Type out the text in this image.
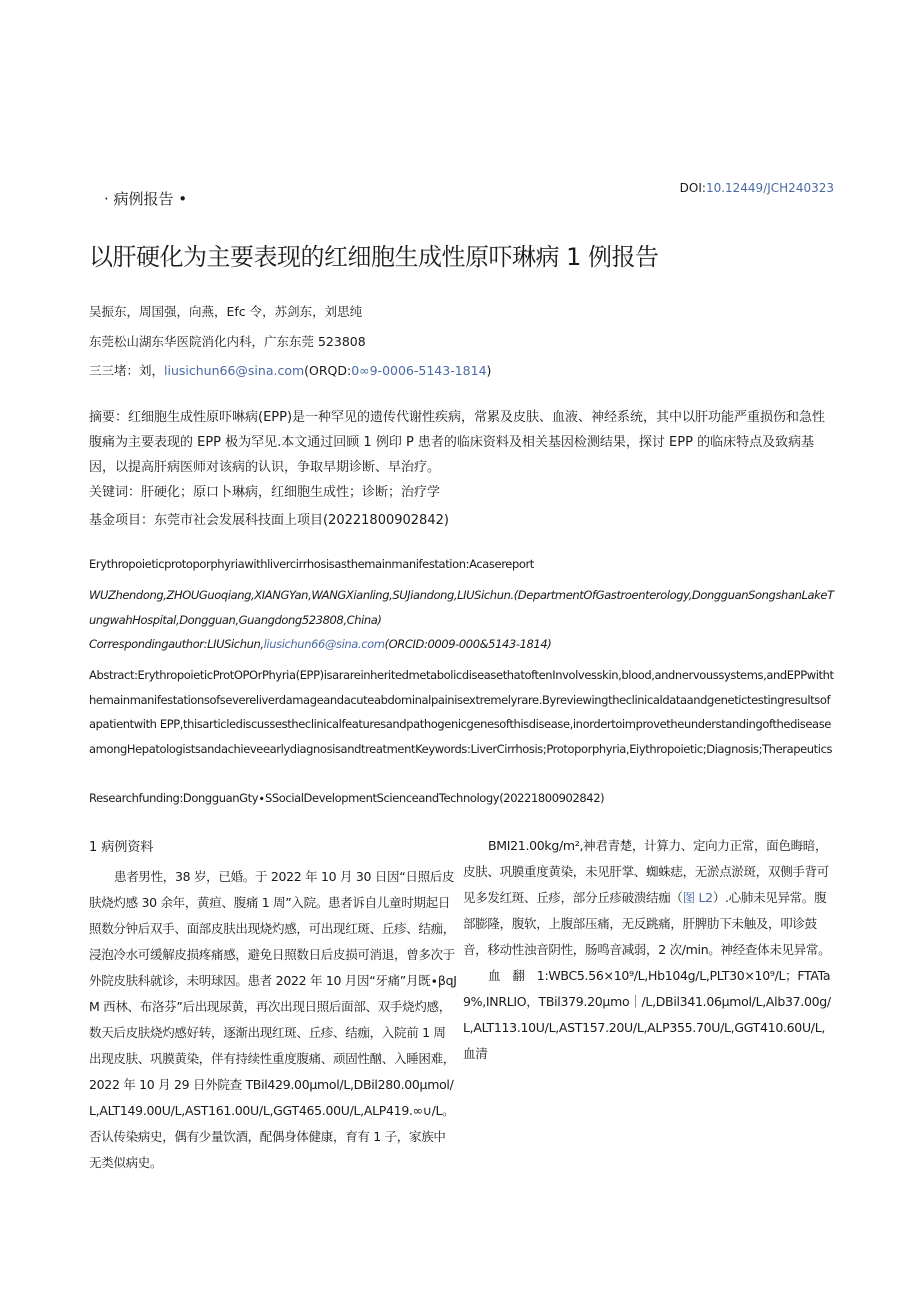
· 病例报告 •
DOI:10.12449/JCH240323
以肝硬化为主要表现的红细胞生成性原吓琳病 1 例报告
吴振东，周国强，向燕，Efc 令，苏剑东，刘思纯
东莞松山湖东华医院消化内科，广东东莞 523808
三三堵：刘，liusichun66@sina.com(ORQD:0∞9-0006-5143-1814)
摘要：红细胞生成性原吓啉病(EPP)是一种罕见的遗传代谢性疾病，常累及皮肤、血液、神经系统，其中以肝功能严重损伤和急性腹痛为主要表现的 EPP 极为罕见.本文通过回顾 1 例印 P 患者的临床资料及相关基因检测结果，探讨 EPP 的临床特点及致病基因，以提高肝病医师对该病的认识，争取早期诊断、早治疗。
关键词：肝硬化；原口卜琳病，红细胞生成性；诊断；治疗学
基金项目：东莞市社会发展科技面上项目(20221800902842)
Erythropoieticprotoporphyriawithlivercirrhosisasthemainmanifestation:Acasereport
WUZhendong,ZHOUGuoqiang,XIANGYan,WANGXianling,SUJiandong,LIUSichun.(DepartmentOfGastroenterology,DongguanSongshanLakeTungwahHospital,Dongguan,Guangdong523808,China)
Correspondingauthor:LIUSichun,liusichun66@sina.com(ORCID:0009-000&5143-1814)
Abstract:ErythropoieticProtOPOrPhyria(EPP)isarareinheritedmetabolicdiseasethatoftenInvolvesskin,blood,andnervoussystems,andEPPwiththemainmanifestationsofsevereliverdamageandacuteabdominalpainisextremelyrare.Byreviewingtheclinicaldataandgenetictestingresultsofapatientwith EPP,thisarticlediscussestheclinicalfeaturesandpathogenicgenesofthisdisease,inordertoimprovetheunderstandingofthediseaseamongHepatologistsandachieveearlydiagnosisandtreatmentKeywords:LiverCirrhosis;Protoporphyria,Eiythropoietic;Diagnosis;Therapeutics
Researchfunding:DongguanGty∙SSocialDevelopmentScienceandTechnology(20221800902842)
1 病例资料
患者男性，38 岁，已婚。于 2022 年 10 月 30 日因“日照后皮肤烧灼感 30 余年，黄疸、腹痛 1 周”入院。患者诉自儿童时期起日照数分钟后双手、面部皮肤出现烧灼感，可出现红斑、丘疹、结痂，浸泡冷水可缓解皮损疼痛感，避免日照数日后皮损可消退，曾多次于外院皮肤科就诊，未明球因。患者 2022 年 10 月因“牙痛”月既∙βqJM 西林、布洛芬”后出现尿黄，再次出现日照后面部、双手烧灼感，数天后皮肤烧灼感好转，逐渐出现红斑、丘疹、结痂，入院前 1 周出现皮肤、巩膜黄染，伴有持续性重度腹痛、顽固性酗、入睡困难，2022 年 10 月 29 日外院查 TBil429.00μmol∕L,DBil280.00μmol∕L,ALT149.00U/L,AST161.00U∕L,GGT465.00U/L,ALP419.∞∪∕L。否认传染病史，偶有少量饮酒，配偶身体健康，育有 1 子，家族中无类似病史。
BMI21.00kg∕m²,神君青楚，计算力、定向力正常，面色晦暗，皮肤、巩膜重度黄染，未见肝掌、蜘蛛痣，无淤点淤斑，双侧手背可见多发红斑、丘疹，部分丘疹破溃结痂（图 L2）.心肺未见异常。腹部膨隆，腹软，上腹部压痛，无反跳痛，肝脾肋下未触及，叩诊鼓音，移动性浊音阴性，肠鸣音减弱，2 次/min。神经查体未见异常。
血　翻　1:WBC5.56×10⁹∕L,Hb104g/L,PLT30×10⁹∕L；FTATa9%,INRLIO，TBil379.20μmo｜∕L,DBil341.06μmol∕L,Alb37.00g/L,ALT113.10U/L,AST157.20U/L,ALP355.70U/L,GGT410.60U/L,血清
